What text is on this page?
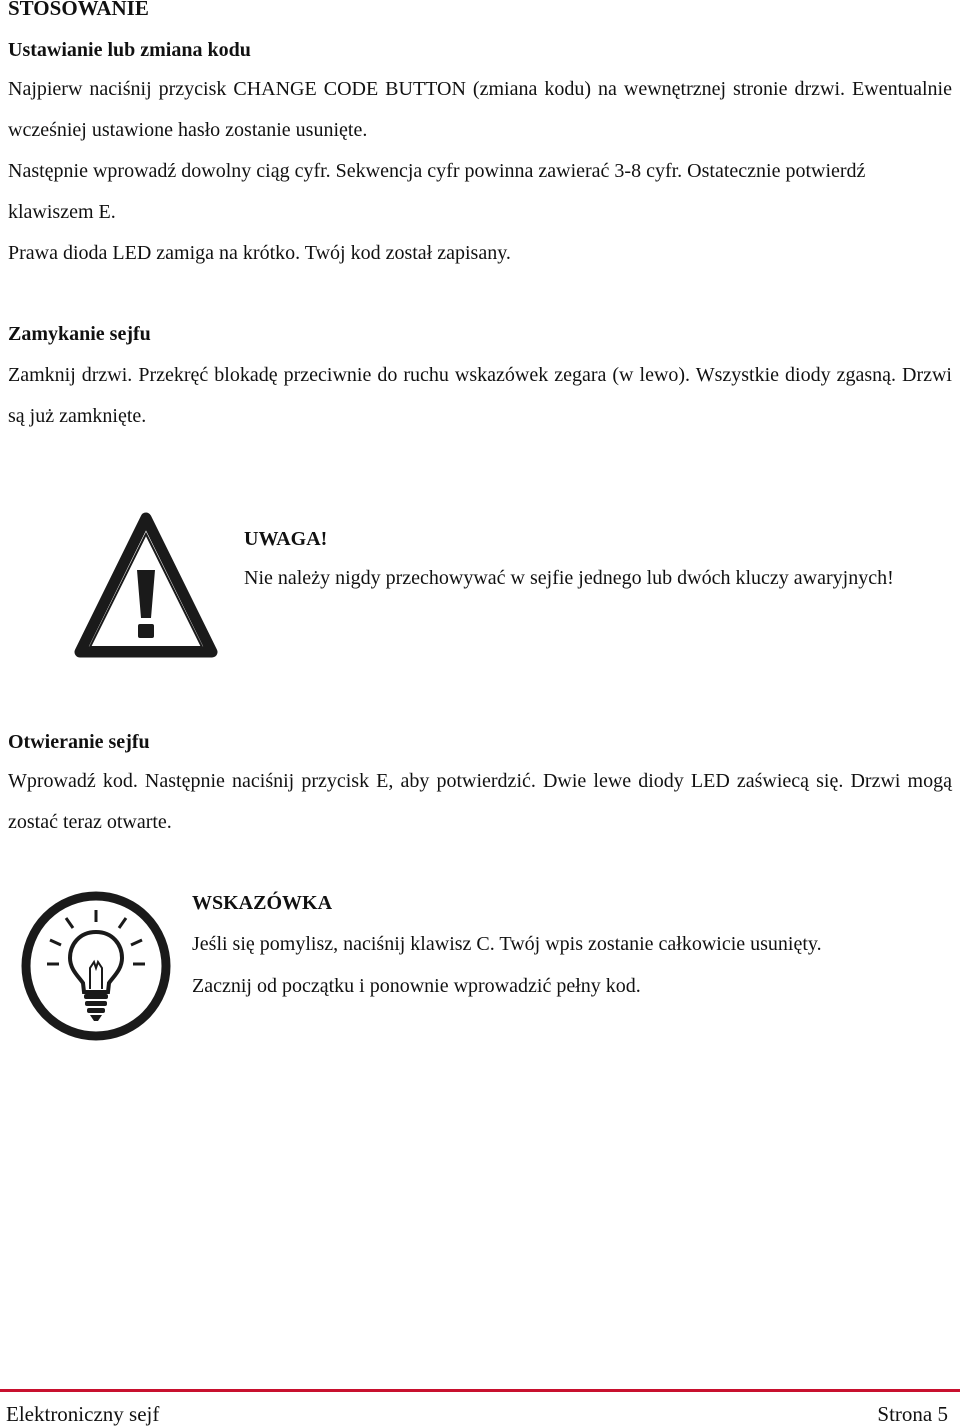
STOSOWANIE
Ustawianie lub zmiana kodu
Najpierw naciśnij przycisk CHANGE CODE BUTTON (zmiana kodu) na wewnętrznej stronie drzwi. Ewentualnie wcześniej ustawione hasło zostanie usunięte.
Następnie wprowadź dowolny ciąg cyfr. Sekwencja cyfr powinna zawierać 3-8 cyfr. Ostatecznie potwierdź klawiszem E.
Prawa dioda LED zamiga na krótko. Twój kod został zapisany.
Zamykanie sejfu
Zamknij drzwi. Przekręć blokadę przeciwnie do ruchu wskazówek zegara (w lewo). Wszystkie diody zgasną. Drzwi są już zamknięte.
UWAGA!
Nie należy nigdy przechowywać w sejfie jednego lub dwóch kluczy awaryjnych!
Otwieranie sejfu
Wprowadź kod. Następnie naciśnij przycisk E, aby potwierdzić. Dwie lewe diody LED zaświecą się. Drzwi mogą zostać teraz otwarte.
WSKAZÓWKA
Jeśli się pomylisz, naciśnij klawisz C. Twój wpis zostanie całkowicie usunięty.
Zacznij od początku i ponownie wprowadzić pełny kod.
Elektroniczny sejf	Strona 5
